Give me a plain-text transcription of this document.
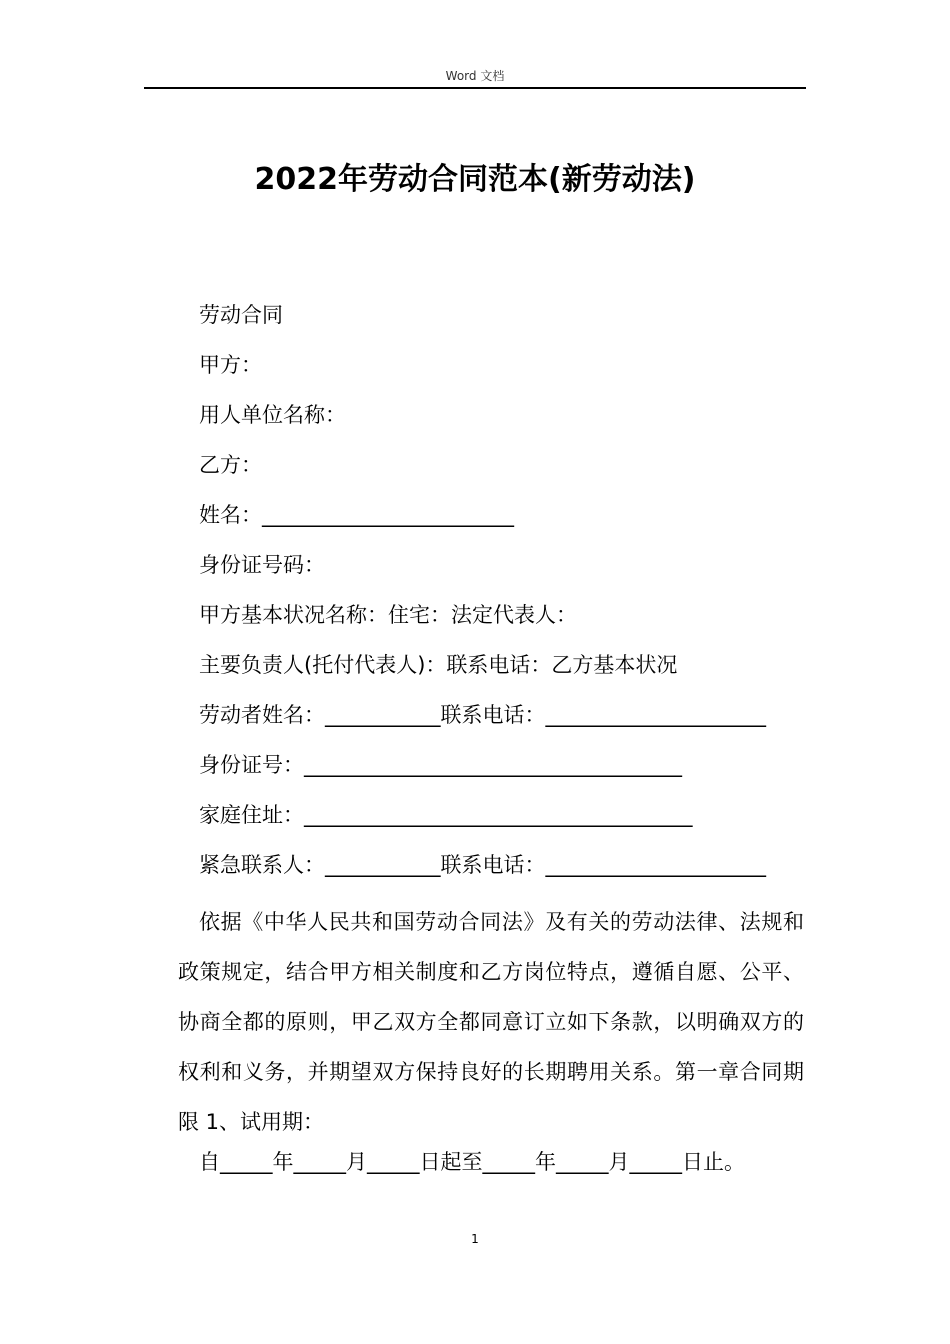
Word 文档
2022年劳动合同范本(新劳动法)
劳动合同
甲方：
用人单位名称：
乙方：
姓名：________________________
身份证号码：
甲方基本状况名称：住宅：法定代表人：
主要负责人(托付代表人)：联系电话：乙方基本状况
劳动者姓名：___________联系电话：_____________________
身份证号：____________________________________
家庭住址：_____________________________________
紧急联系人：___________联系电话：_____________________
依据《中华人民共和国劳动合同法》及有关的劳动法律、法规和政策规定，结合甲方相关制度和乙方岗位特点，遵循自愿、公平、协商全都的原则，甲乙双方全都同意订立如下条款，以明确双方的权利和义务，并期望双方保持良好的长期聘用关系。第一章合同期限 1、试用期：
自_____年_____月_____日起至_____年_____月_____日止。
1
